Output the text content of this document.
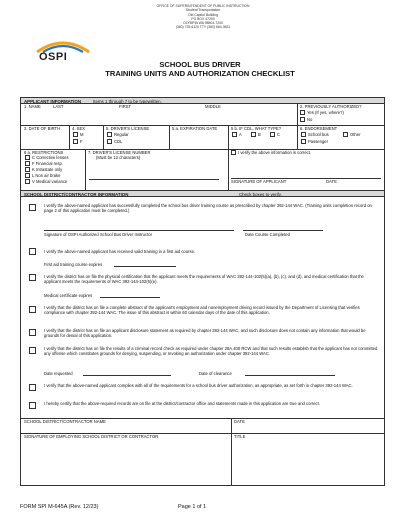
OSPI
OFFICE OF SUPERINTENDENT OF PUBLIC INSTRUCTION
Student Transportation
Old Capitol Building
PO BOX 47200
OLYMPIA WA 98504-7200
(360) 725-6120 TTY (360) 664-3631
SCHOOL BUS DRIVER
TRAINING UNITS AND AUTHORIZATION CHECKLIST
APPLICANT INFORMATION	Items 1 through 7 to be typewritten.
1. NAME	LAST	FIRST	MIDDLE	2. PREVIOUSLY AUTHORIZED?
Yes (If yes, where?)
No
3. DATE OF BIRTH	4. SEX
M
F
5. DRIVER'S LICENSE
Regular
CDL
5 a. EXPIRATION DATE	5 b. IF CDL, WHAT TYPE?
A	B	C
6. ENDORSEMENT
School bus	Other
Passenger
6 a. RESTRICTIONS
C Corrective lenses
F Financial resp.
K Intrastate only
L Non air brake
V Medical variance
7. DRIVER'S LICENSE NUMBER
(Must be 12 characters)
I verify the above information is correct.
SIGNATURE OF APPLICANT	DATE
SCHOOL DISTRICT/CONTRACTOR INFORMATION	Check boxes to verify.
I verify the above-named applicant has successfully completed the school bus driver training course as prescribed by chapter 392-144 WAC. (Training units completion record on page 2 of this application must be completed.)
Signature of OSPI Authorized School Bus Driver Instructor	Date Course Completed
I verify the above-named applicant has received valid training in a first aid course.
First aid training course expires
I verify the district has on file the physical certification that the applicant meets the requirements of WAC 392-144-102(5)(a), (b), (c), and (d), and medical certification that the applicant meets the requirements of WAC 392-144-102(5)(e).
Medical certificate expires
I verify that the district has on file a complete abstract of the applicant's employment and nonemployment driving record issued by the Department of Licensing that verifies compliance with chapter 392-144 WAC. The issue of this abstract is within 60 calendar days of the date of this application.
I verify that the district has on file an applicant disclosure statement as required by chapter 392-144 WAC, and such disclosure does not contain any information that would be grounds for denial of this application.
I verify that the district has on file the results of a criminal record check as required under chapter 28A.400 RCW and that such results establish that the applicant has not committed any offense which constitutes grounds for denying, suspending, or revoking an authorization under chapter 392-144 WAC.
Date requested	Date of clearance
I verify that the above-named applicant complies with all of the requirements for a school bus driver authorization, as appropriate, as set forth in chapter 392-144 WAC.
I hereby certify that the above-required records are on file at the district/contractor office and statements made in this application are true and correct.
SCHOOL DISTRICT/CONTRACTOR NAME	DATE
SIGNATURE OF EMPLOYING SCHOOL DISTRICT OR CONTRACTOR	TITLE
FORM SPI M-645A (Rev. 12/23)	Page 1 of 1
